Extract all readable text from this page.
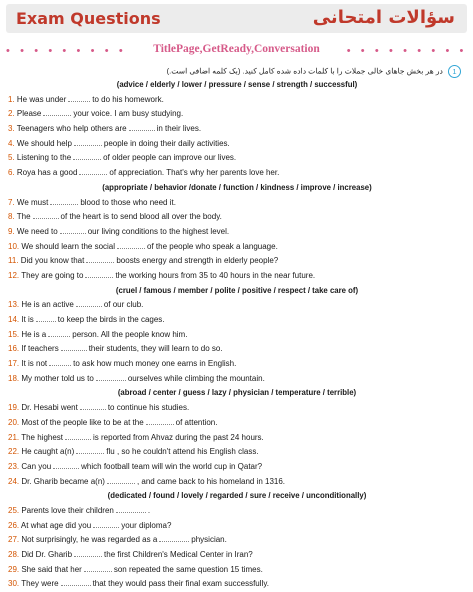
Exam Questions	سؤالات امتحانی
• • • • • • • • •	TitlePage,GetReady,Conversation	• • • • • • • • •
در هر بخش جاهای خالی جملات را با کلمات داده شده کامل کنید. (یک کلمه اضافی است.) 1
(advice / elderly / lower / pressure / sense / strength / successful)
1. He was under	to do his homework.
2. Please	your voice. I am busy studying.
3. Teenagers who help others are	in their lives.
4. We should help	people in doing their daily activities.
5. Listening to the	of older people can improve our lives.
6. Roya has a good	of appreciation. That's why her parents love her.
(appropriate / behavior /donate / function / kindness / improve / increase)
7. We must	blood to those who need it.
8. The	of the heart is to send blood all over the body.
9. We need to	our living conditions to the highest level.
10. We should learn the social	of the people who speak a language.
11. Did you know that	boosts energy and strength in elderly people?
12. They are going to	the working hours from 35 to 40 hours in the near future.
(cruel / famous / member / polite / positive / respect / take care of)
13. He is an active	of our club.
14. It is	to keep the birds in the cages.
15. He is a	person. All the people know him.
16. If teachers	their students, they will learn to do so.
17. It is not	to ask how much money one earns in English.
18. My mother told us to	ourselves while climbing the mountain.
(abroad / center / guess / lazy / physician / temperature / terrible)
19. Dr. Hesabi went	to continue his studies.
20. Most of the people like to be at the	of attention.
21. The highest	is reported from Ahvaz during the past 24 hours.
22. He caught a(n)	flu , so he couldn't attend his English class.
23. Can you	which football team will win the world cup in Qatar?
24. Dr. Gharib became a(n)	, and came back to his homeland in 1316.
(dedicated / found / lovely / regarded / sure / receive / unconditionally)
25. Parents love their children	.
26. At what age did you	your diploma?
27. Not surprisingly, he was regarded as a	physician.
28. Did Dr. Gharib	the first Children's Medical Center in Iran?
29. She said that her	son repeated the same question 15 times.
30. They were	that they would pass their final exam successfully.
